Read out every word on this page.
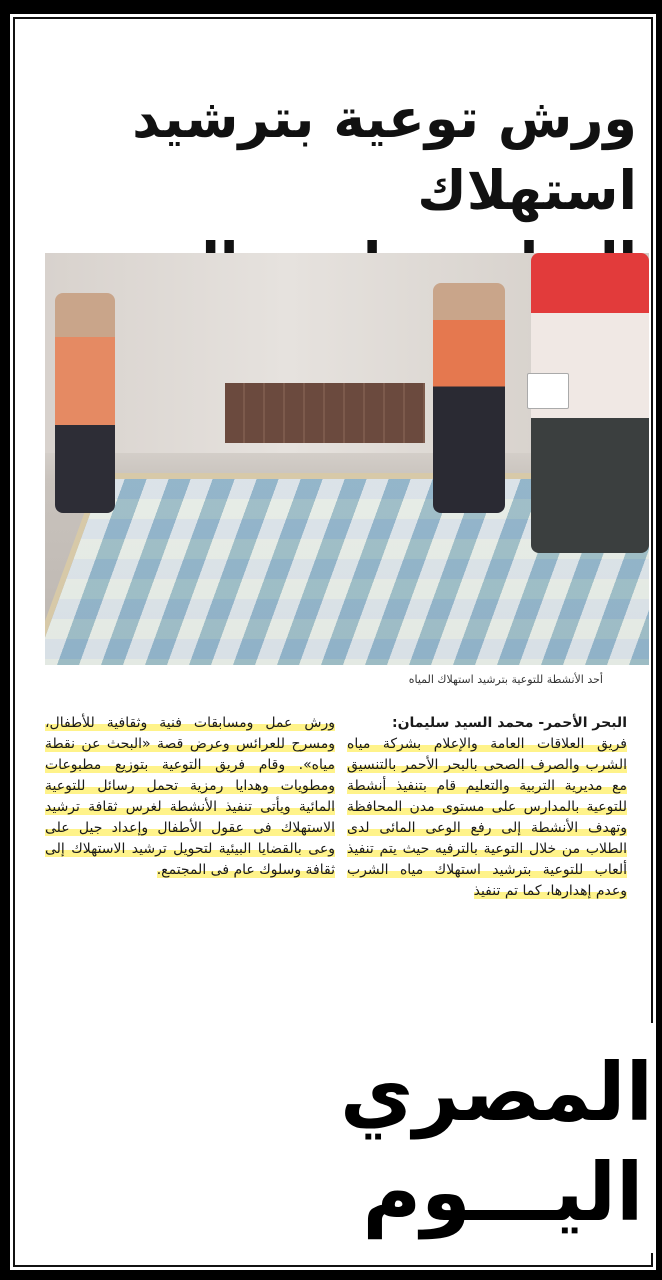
ورش توعية بترشيد استهلاك
أحد الأنشطة للتوعية بترشيد استهلاك المياه
البحر الأحمر- محمد السيد سليمان:

فريق العلاقات العامة والإعلام بشركة مياه الشرب والصرف الصحى بالبحر الأحمر بالتنسيق مع مديرية التربية والتعليم قام بتنفيذ أنشطة للتوعية بالمدارس على مستوى مدن المحافظة وتهدف الأنشطة إلى رفع الوعى المائى لدى الطلاب من خلال التوعية بالترفيه حيث يتم تنفيذ ألعاب للتوعية بترشيد استهلاك مياه الشرب وعدم إهدارها، كما تم تنفيذ

ورش عمل ومسابقات فنية وثقافية للأطفال، ومسرح للعرائس وعرض قصة «البحث عن نقطة مياه». وقام فريق التوعية بتوزيع مطبوعات ومطويات وهدايا رمزية تحمل رسائل للتوعية المائية ويأتى تنفيذ الأنشطة لغرس ثقافة ترشيد الاستهلاك فى عقول الأطفال وإعداد جيل على وعى بالقضايا البيئية لتحويل ترشيد الاستهلاك إلى ثقافة وسلوك عام فى المجتمع.

المصري
اليـــوم
